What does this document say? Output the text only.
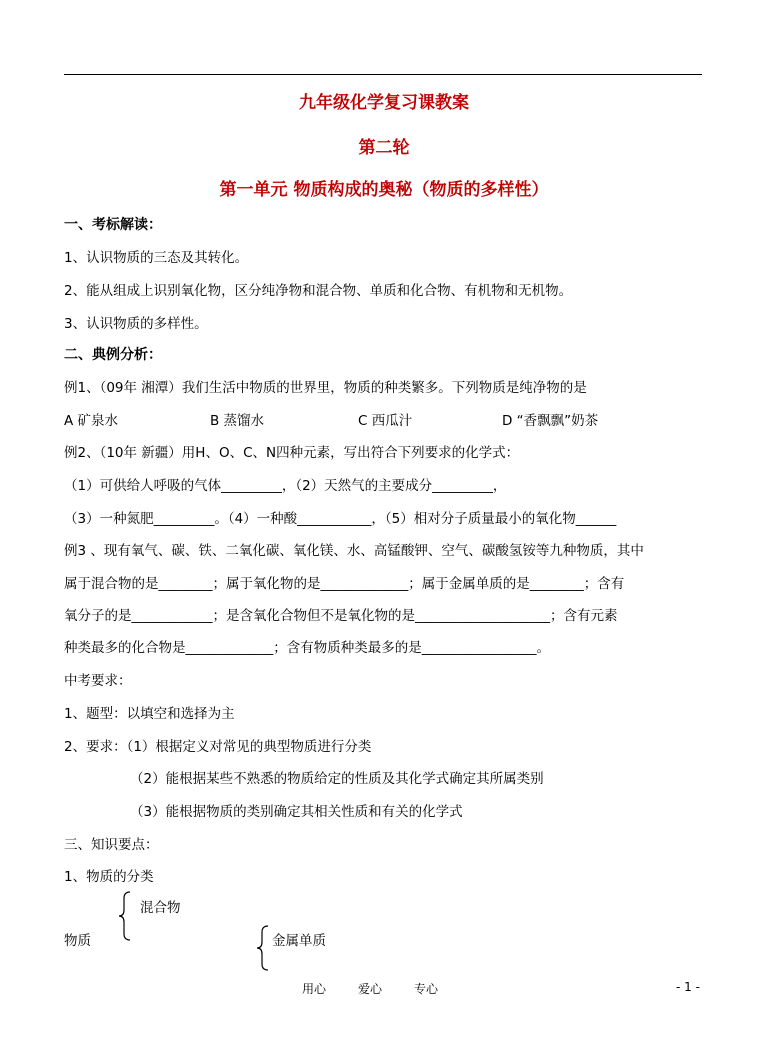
九年级化学复习课教案
第二轮
第一单元 物质构成的奥秘（物质的多样性）
一、考标解读：
1、认识物质的三态及其转化。
2、能从组成上识别氧化物，区分纯净物和混合物、单质和化合物、有机物和无机物。
3、认识物质的多样性。
二、典例分析：
例1、（09年 湘潭）我们生活中物质的世界里，物质的种类繁多。下列物质是纯净物的是
A 矿泉水	B 蒸馏水	C 西瓜汁	D “香飘飘”奶茶
例2、（10年 新疆）用H、O、C、N四种元素，写出符合下列要求的化学式：
（1）可供给人呼吸的气体_________，（2）天然气的主要成分_________，
（3）一种氮肥_________。（4）一种酸___________，（5）相对分子质量最小的氧化物______
例3 、现有氧气、碳、铁、二氧化碳、氧化镁、水、高锰酸钾、空气、碳酸氢铵等九种物质，其中
属于混合物的是________；属于氧化物的是_____________；属于金属单质的是________；含有
氧分子的是____________；是含氧化合物但不是氧化物的是____________________；含有元素
种类最多的化合物是_____________；含有物质种类最多的是_________________。
中考要求：
1、题型：以填空和选择为主
2、要求：（1）根据定义对常见的典型物质进行分类
（2）能根据某些不熟悉的物质给定的性质及其化学式确定其所属类别
（3）能根据物质的类别确定其相关性质和有关的化学式
三、知识要点：
1、物质的分类
混合物
物质	金属单质
用心	爱心	专心	- 1 -
